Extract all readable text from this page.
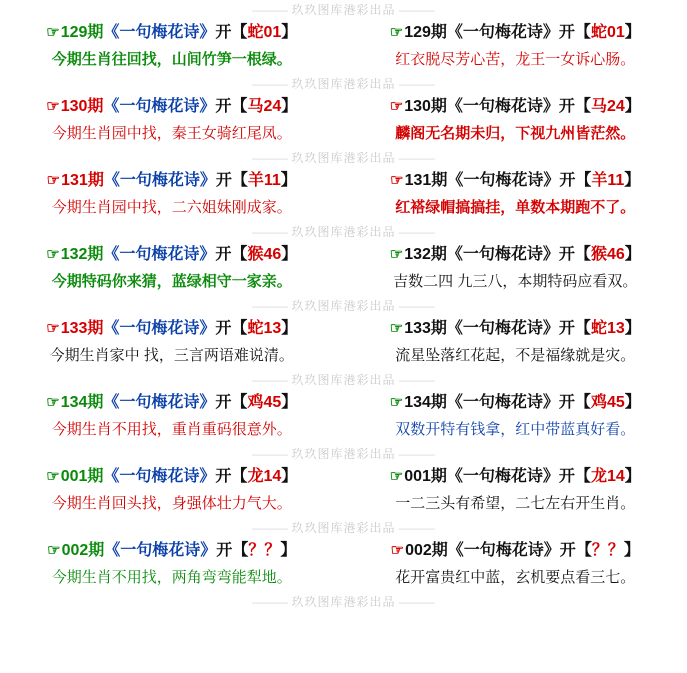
——— 玖玖图库港彩出品 ———
☞129期《一句梅花诗》开【蛇01】	☞129期《一句梅花诗》开【蛇01】
今期生肖往回找，山间竹笋一根绿。	红衣脱尽芳心苦，龙王一女诉心肠。
——— 玖玖图库港彩出品 ———
☞130期《一句梅花诗》开【马24】	☞130期《一句梅花诗》开【马24】
今期生肖园中找，秦王女骑红尾凤。	麟阁无名期未归，下视九州皆茫然。
——— 玖玖图库港彩出品 ———
☞131期《一句梅花诗》开【羊11】	☞131期《一句梅花诗》开【羊11】
今期生肖园中找，二六姐妹刚成家。	红褡绿帽搞搞挂，单数本期跑不了。
——— 玖玖图库港彩出品 ———
☞132期《一句梅花诗》开【猴46】	☞132期《一句梅花诗》开【猴46】
今期特码你来猜，蓝绿相守一家亲。	吉数二四 九三八，本期特码应看双。
——— 玖玖图库港彩出品 ———
☞133期《一句梅花诗》开【蛇13】	☞133期《一句梅花诗》开【蛇13】
今期生肖家中 找，三言两语难说清。	流星坠落红花起，不是福缘就是灾。
——— 玖玖图库港彩出品 ———
☞134期《一句梅花诗》开【鸡45】	☞134期《一句梅花诗》开【鸡45】
今期生肖不用找，重肖重码很意外。	双数开特有钱拿，红中带蓝真好看。
——— 玖玖图库港彩出品 ———
☞001期《一句梅花诗》开【龙14】	☞001期《一句梅花诗》开【龙14】
今期生肖回头找，身强体壮力气大。	一二三头有希望，二七左右开生肖。
——— 玖玖图库港彩出品 ———
☞002期《一句梅花诗》开【？？】	☞002期《一句梅花诗》开【？？】
今期生肖不用找，两角弯弯能犁地。	花开富贵红中蓝，玄机要点看三七。
——— 玖玖图库港彩出品 ———
